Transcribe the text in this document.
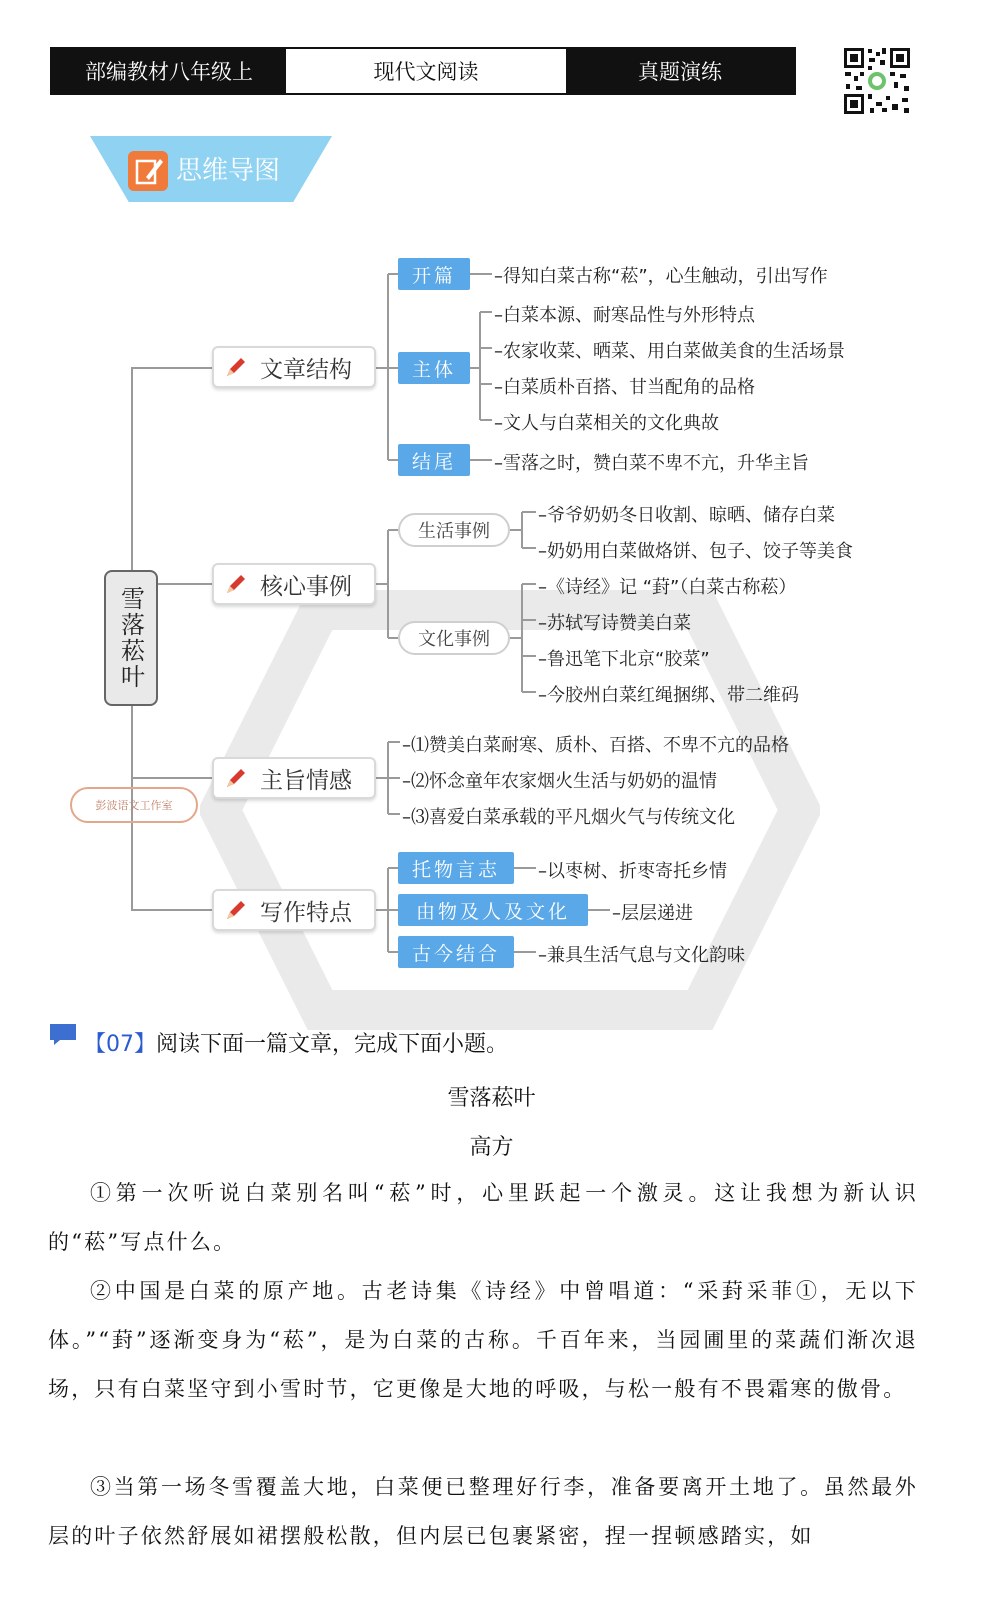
部编教材八年级上	现代文阅读	真题演练
思维导图
雪落菘叶
彭波语文工作室
文章结构
开篇	–得知白菜古称“菘”，心生触动，引出写作
主体
–白菜本源、耐寒品性与外形特点
–农家收菜、晒菜、用白菜做美食的生活场景
–白菜质朴百搭、甘当配角的品格
–文人与白菜相关的文化典故
结尾	–雪落之时，赞白菜不卑不亢，升华主旨
核心事例
生活事例
–爷爷奶奶冬日收割、晾晒、储存白菜
–奶奶用白菜做烙饼、包子、饺子等美食
文化事例
–《诗经》记 “葑”（白菜古称菘）
–苏轼写诗赞美白菜
–鲁迅笔下北京“胶菜”
–今胶州白菜红绳捆绑、带二维码
主旨情感
–⑴赞美白菜耐寒、质朴、百搭、不卑不亢的品格
–⑵怀念童年农家烟火生活与奶奶的温情
–⑶喜爱白菜承载的平凡烟火气与传统文化
写作特点
托物言志	–以枣树、折枣寄托乡情
由物及人及文化	–层层递进
古今结合	–兼具生活气息与文化韵味
【07】阅读下面一篇文章，完成下面小题。
雪落菘叶
高方
①第一次听说白菜别名叫“菘”时，心里跃起一个激灵。这让我想为新认识的“菘”写点什么。
②中国是白菜的原产地。古老诗集《诗经》中曾唱道：“采葑采菲①，无以下体。”“葑”逐渐变身为“菘”，是为白菜的古称。千百年来，当园圃里的菜蔬们渐次退场，只有白菜坚守到小雪时节，它更像是大地的呼吸，与松一般有不畏霜寒的傲骨。
③当第一场冬雪覆盖大地，白菜便已整理好行李，准备要离开土地了。虽然最外层的叶子依然舒展如裙摆般松散，但内层已包裹紧密，捏一捏顿感踏实，如
